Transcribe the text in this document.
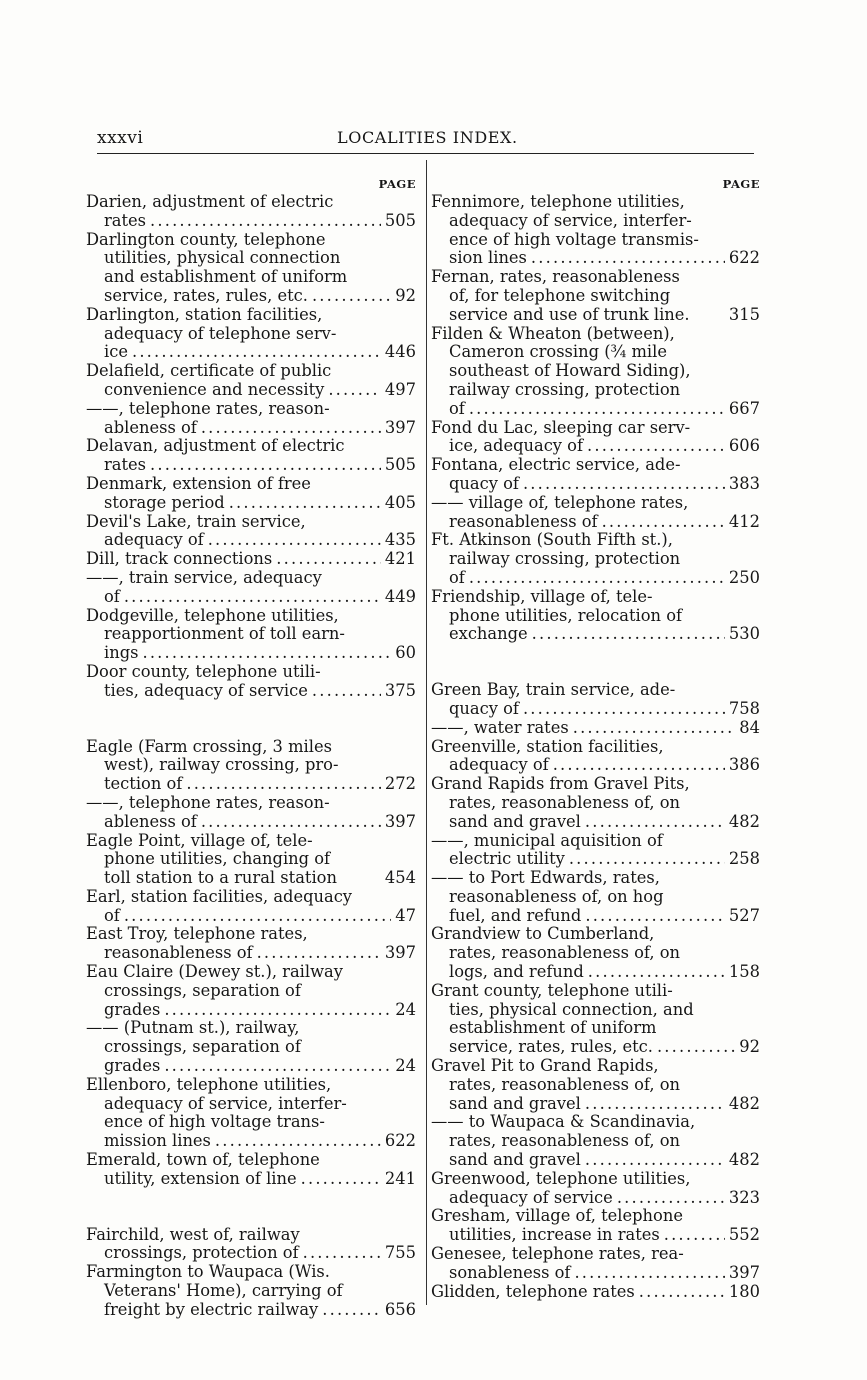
xxxvi	LOCALITIES INDEX.
PAGE
Darien, adjustment of electric
rates . . .	505
Darlington county, telephone
utilities, physical connection
and establishment of uniform
service, rates, rules, etc. . . .	92
Darlington, station facilities,
adequacy of telephone serv-
ice . . .	446
Delafield, certificate of public
convenience and necessity . . .	497
——, telephone rates, reason-
ableness of . . .	397
Delavan, adjustment of electric
rates . . .	505
Denmark, extension of free
storage period . . .	405
Devil's Lake, train service,
adequacy of . . .	435
Dill, track connections . . .	421
——, train service, adequacy
of . . .	449
Dodgeville, telephone utilities,
reapportionment of toll earn-
ings . . .	60
Door county, telephone utili-
ties, adequacy of service . . .	375
Eagle (Farm crossing, 3 miles
west), railway crossing, pro-
tection of . . .	272
——, telephone rates, reason-
ableness of . . .	397
Eagle Point, village of, tele-
phone utilities, changing of
toll station to a rural station	454
Earl, station facilities, adequacy
of . . .	47
East Troy, telephone rates,
reasonableness of . . .	397
Eau Claire (Dewey st.), railway
crossings, separation of
grades . . .	24
—— (Putnam st.), railway,
crossings, separation of
grades . . .	24
Ellenboro, telephone utilities,
adequacy of service, interfer-
ence of high voltage trans-
mission lines . . .	622
Emerald, town of, telephone
utility, extension of line . . .	241
Fairchild, west of, railway
crossings, protection of . . .	755
Farmington to Waupaca (Wis.
Veterans' Home), carrying of
freight by electric railway . . .	656
PAGE
Fennimore, telephone utilities,
adequacy of service, interfer-
ence of high voltage transmis-
sion lines . . .	622
Fernan, rates, reasonableness
of, for telephone switching
service and use of trunk line. 315
Filden & Wheaton (between),
Cameron crossing (¾ mile
southeast of Howard Siding),
railway crossing, protection
of . . .	667
Fond du Lac, sleeping car serv-
ice, adequacy of . . .	606
Fontana, electric service, ade-
quacy of . . .	383
—— village of, telephone rates,
reasonableness of . . .	412
Ft. Atkinson (South Fifth st.),
railway crossing, protection
of . . .	250
Friendship, village of, tele-
phone utilities, relocation of
exchange . . .	530
Green Bay, train service, ade-
quacy of . . .	758
——, water rates . . .	84
Greenville, station facilities,
adequacy of . . .	386
Grand Rapids from Gravel Pits,
rates, reasonableness of, on
sand and gravel . . .	482
——, municipal aquisition of
electric utility . . .	258
—— to Port Edwards, rates,
reasonableness of, on hog
fuel, and refund . . .	527
Grandview to Cumberland,
rates, reasonableness of, on
logs, and refund . . .	158
Grant county, telephone utili-
ties, physical connection, and
establishment of uniform
service, rates, rules, etc. . . .	92
Gravel Pit to Grand Rapids,
rates, reasonableness of, on
sand and gravel . . .	482
—— to Waupaca & Scandinavia,
rates, reasonableness of, on
sand and gravel . . .	482
Greenwood, telephone utilities,
adequacy of service . . .	323
Gresham, village of, telephone
utilities, increase in rates . . .	552
Genesee, telephone rates, rea-
sonableness of . . .	397
Glidden, telephone rates . . .	180
